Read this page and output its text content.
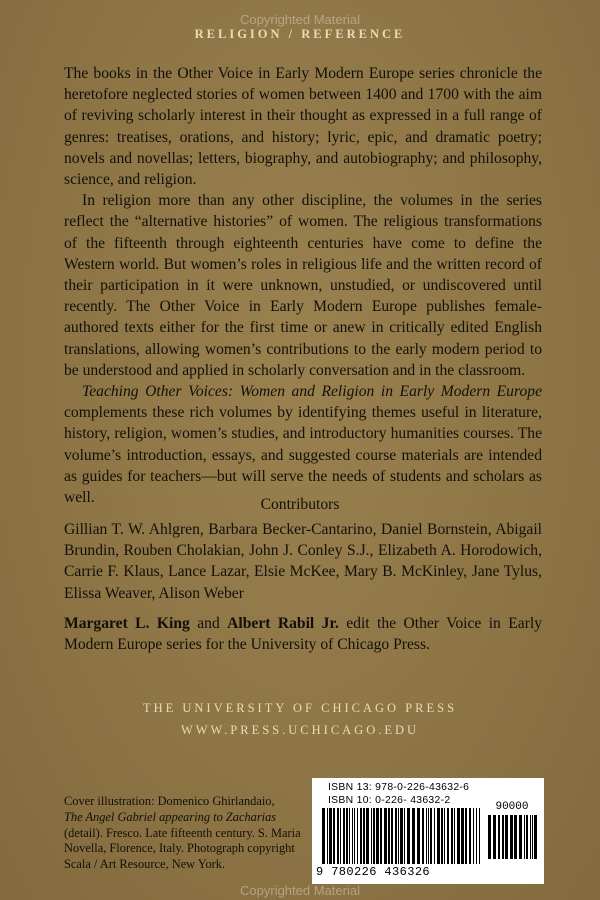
Copyrighted Material
RELIGION / REFERENCE

The books in the Other Voice in Early Modern Europe series chronicle the heretofore neglected stories of women between 1400 and 1700 with the aim of reviving scholarly interest in their thought as expressed in a full range of genres: treatises, orations, and history; lyric, epic, and dramatic poetry; novels and novellas; letters, biography, and autobiography; and philosophy, science, and religion.

In religion more than any other discipline, the volumes in the series reflect the “alternative histories” of women. The religious transformations of the fifteenth through eighteenth centuries have come to define the Western world. But women’s roles in religious life and the written record of their participation in it were unknown, unstudied, or undiscovered until recently. The Other Voice in Early Modern Europe publishes female-authored texts either for the first time or anew in critically edited English translations, allowing women’s contributions to the early modern period to be understood and applied in scholarly conversation and in the classroom.

Teaching Other Voices: Women and Religion in Early Modern Europe complements these rich volumes by identifying themes useful in literature, history, religion, women’s studies, and introductory humanities courses. The volume’s introduction, essays, and suggested course materials are intended as guides for teachers—but will serve the needs of students and scholars as well.	Contributors
Gillian T. W. Ahlgren, Barbara Becker-Cantarino, Daniel Bornstein, Abigail Brundin, Rouben Cholakian, John J. Conley S.J., Elizabeth A. Horodowich, Carrie F. Klaus, Lance Lazar, Elsie McKee, Mary B. McKinley, Jane Tylus, Elissa Weaver, Alison Weber
Margaret L. King and Albert Rabil Jr. edit the Other Voice in Early Modern Europe series for the University of Chicago Press.
THE UNIVERSITY OF CHICAGO PRESS
WWW.PRESS.UCHICAGO.EDU
Cover illustration: Domenico Ghirlandaio,
The Angel Gabriel appearing to Zacharias (detail). Fresco. Late fifteenth century. S. Maria Novella, Florence, Italy. Photograph copyright Scala / Art Resource, New York.
ISBN 13: 978-0-226-43632-6
ISBN 10: 0-226- 43632-2
90000
9 780226 436326
Copyrighted Material
